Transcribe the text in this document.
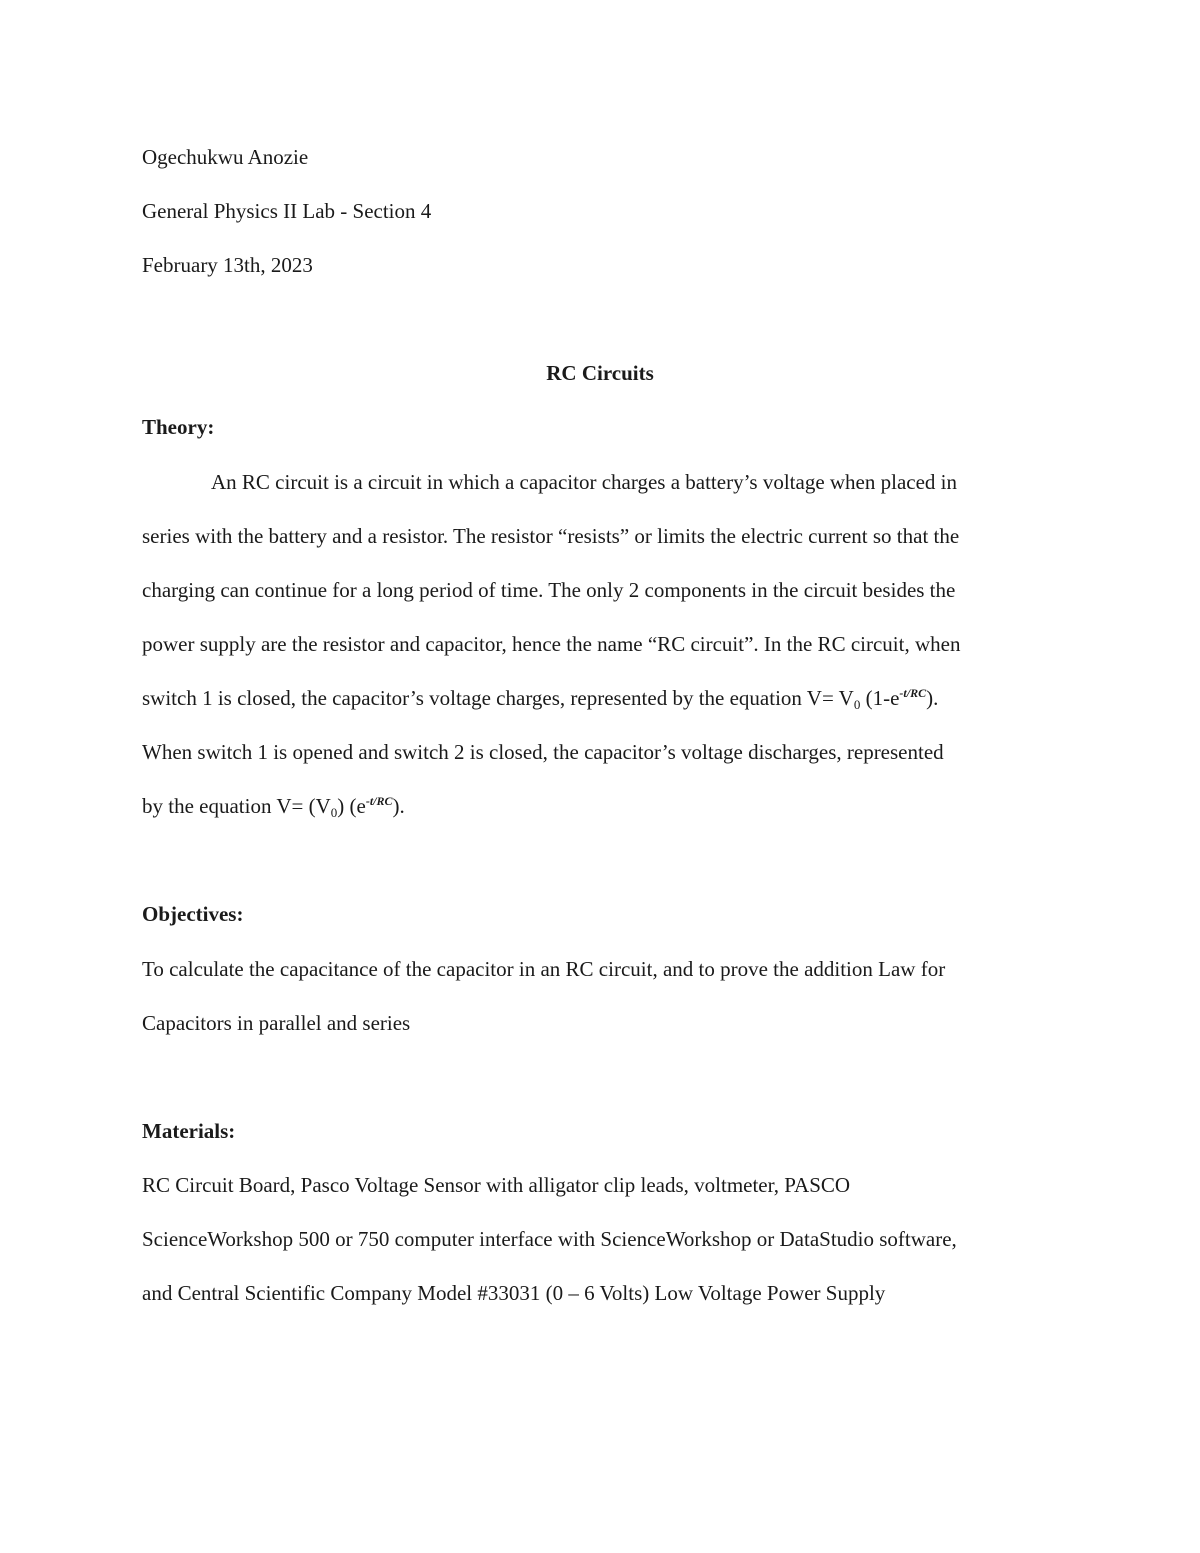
Ogechukwu Anozie
General Physics II Lab - Section 4
February 13th, 2023
RC Circuits
Theory:
An RC circuit is a circuit in which a capacitor charges a battery’s voltage when placed in
series with the battery and a resistor. The resistor “resists” or limits the electric current so that the
charging can continue for a long period of time. The only 2 components in the circuit besides the
power supply are the resistor and capacitor, hence the name “RC circuit”. In the RC circuit, when
switch 1 is closed, the capacitor’s voltage charges, represented by the equation $V= V_0$ $(1-e^{-t/RC})$.
When switch 1 is opened and switch 2 is closed, the capacitor’s voltage discharges, represented
by the equation $V= (V_0)$ $(e^{-t/RC})$.
Objectives:
To calculate the capacitance of the capacitor in an RC circuit, and to prove the addition Law for
Capacitors in parallel and series
Materials:
RC Circuit Board, Pasco Voltage Sensor with alligator clip leads, voltmeter, PASCO
ScienceWorkshop 500 or 750 computer interface with ScienceWorkshop or DataStudio software,
and Central Scientific Company Model #33031 (0 – 6 Volts) Low Voltage Power Supply
